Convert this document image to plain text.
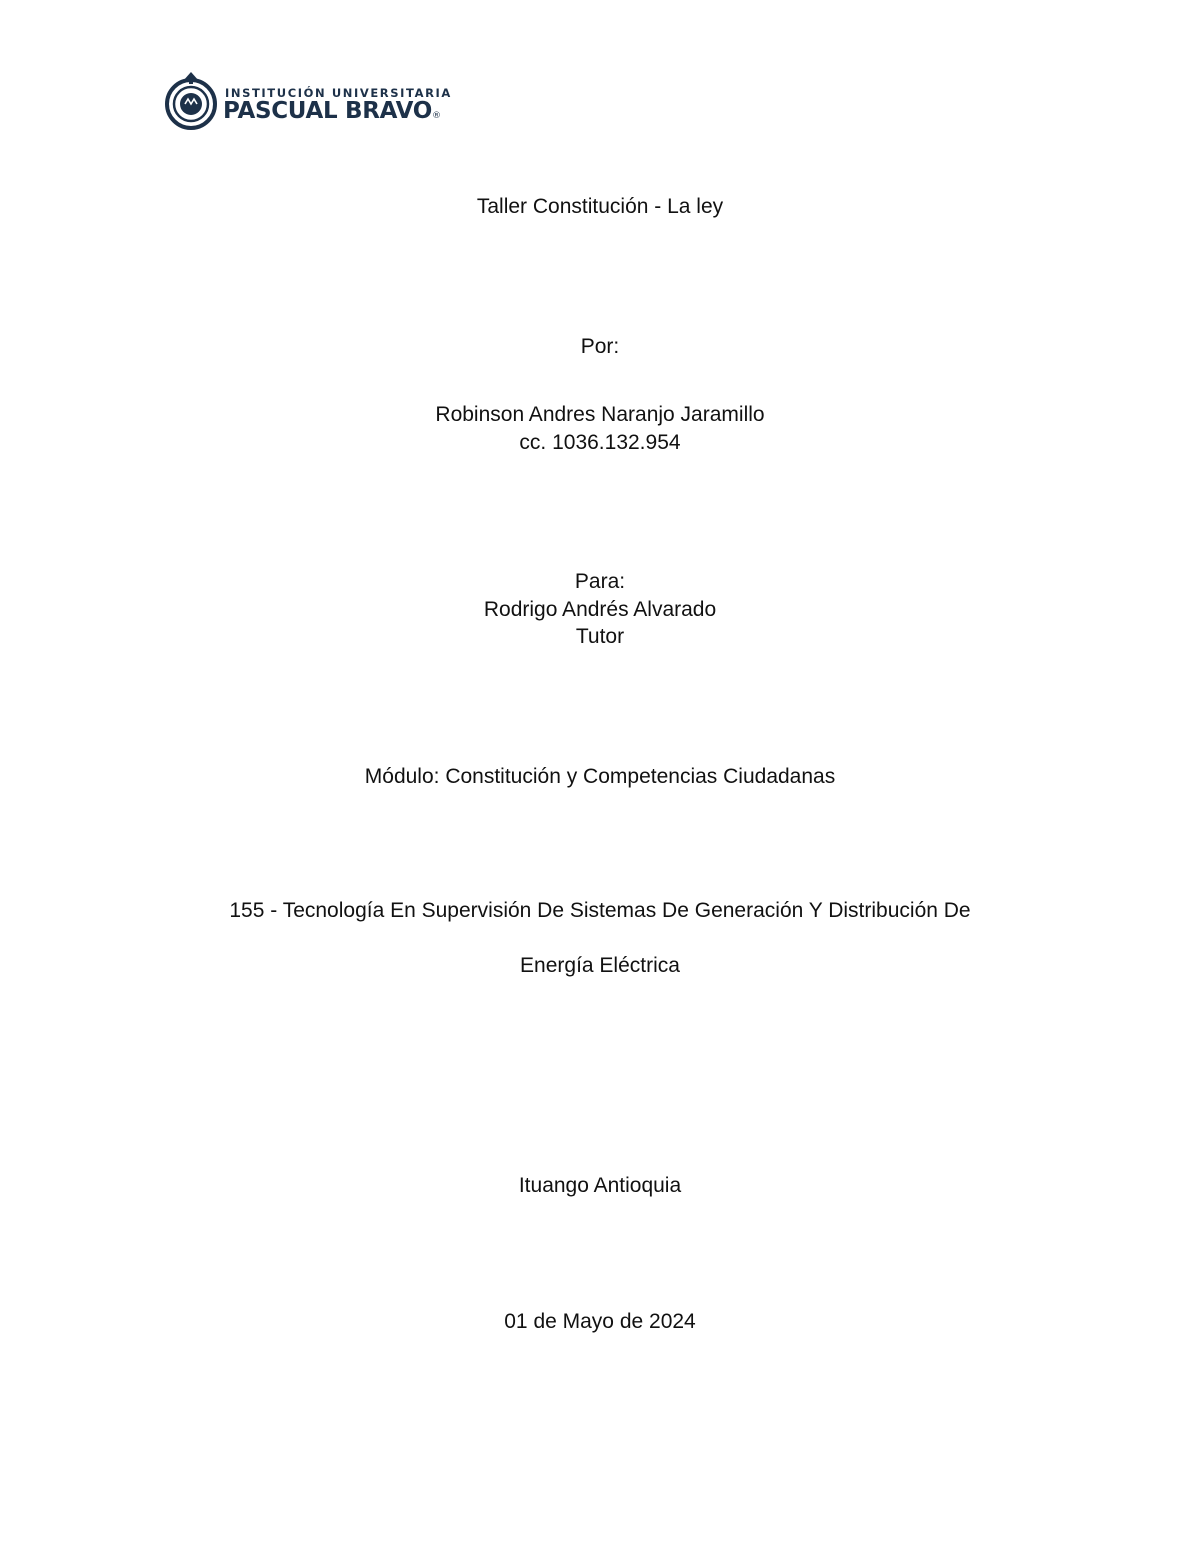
INSTITUCIÓN UNIVERSITARIA
PASCUAL BRAVO®
Taller Constitución - La ley
Por:
Robinson Andres Naranjo Jaramillo
cc. 1036.132.954
Para:
Rodrigo Andrés Alvarado
Tutor
Módulo: Constitución y Competencias Ciudadanas
155 - Tecnología En Supervisión De Sistemas De Generación Y Distribución De
Energía Eléctrica
Ituango Antioquia
01 de Mayo de 2024
